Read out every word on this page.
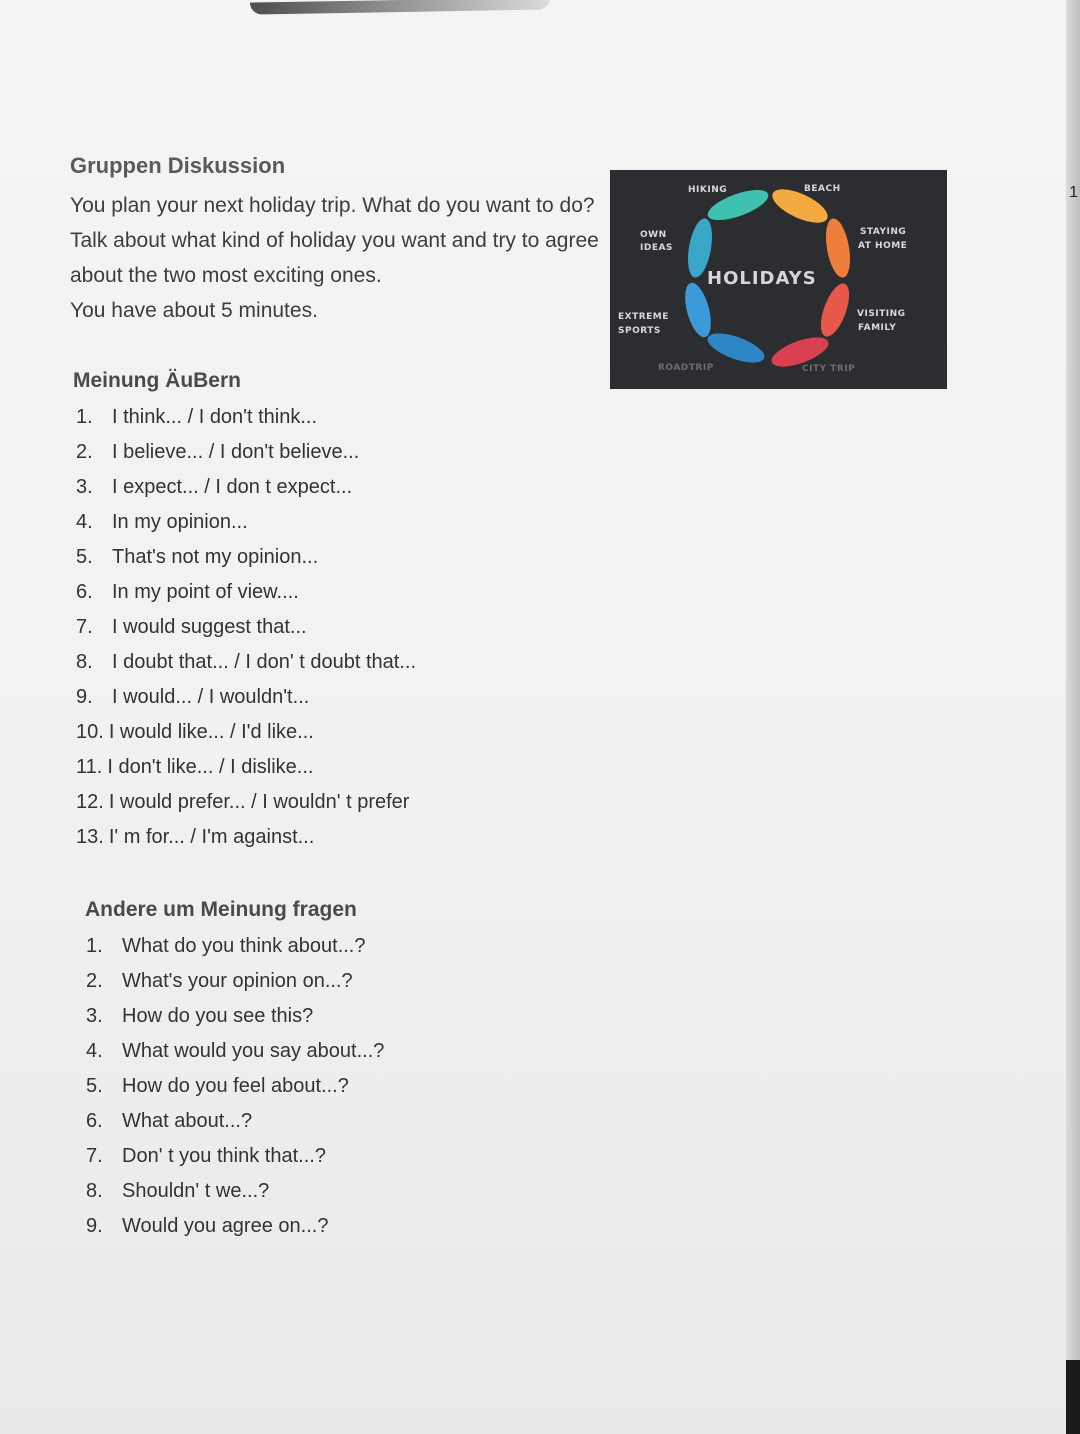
1
Gruppen Diskussion

You plan your next holiday trip. What do you want to do?

Talk about what kind of holiday you want and try to agree

about the two most exciting ones.

You have about 5 minutes.

HIKING	BEACH
OWN
IDEAS
STAYING
AT HOME
HOLIDAYS
EXTREME
SPORTS
VISITING
FAMILY
ROADTRIP	CITY TRIP
Meinung ÄuBern
1. I think... / I don't think...
2. I believe... / I don't believe...
3. I expect... / I don t expect...
4. In my opinion...
5. That's not my opinion...
6. In my point of view....
7. I would suggest that...
8. I doubt that... / I don' t doubt that...
9. I would... / I wouldn't...
10. I would like... / I'd like...
11. I don't like... / I dislike...
12. I would prefer... / I wouldn' t prefer
13. I' m for... / I'm against...
Andere um Meinung fragen
1. What do you think about...?
2. What's your opinion on...?
3. How do you see this?
4. What would you say about...?
5. How do you feel about...?
6. What about...?
7. Don' t you think that...?
8. Shouldn' t we...?
9. Would you agree on...?
